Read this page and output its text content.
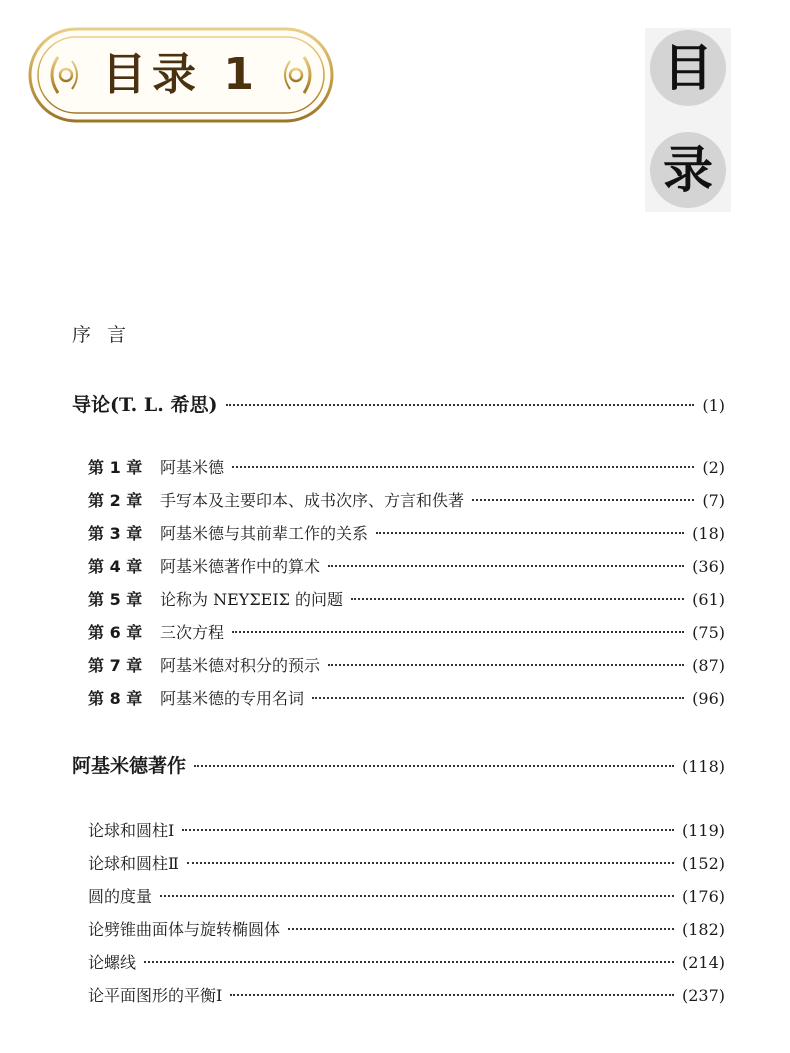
目录 1	目
录
序言
导论(T. L. 希思)	(1)
第 1 章	阿基米德	(2)
第 2 章	手写本及主要印本、成书次序、方言和佚著	(7)
第 3 章	阿基米德与其前辈工作的关系	(18)
第 4 章	阿基米德著作中的算术	(36)
第 5 章	论称为 ΝΕΥΣΕΙΣ 的问题	(61)
第 6 章	三次方程	(75)
第 7 章	阿基米德对积分的预示	(87)
第 8 章	阿基米德的专用名词	(96)
阿基米德著作	(118)
论球和圆柱Ⅰ	(119)
论球和圆柱Ⅱ	(152)
圆的度量	(176)
论劈锥曲面体与旋转椭圆体	(182)
论螺线	(214)
论平面图形的平衡Ⅰ	(237)
